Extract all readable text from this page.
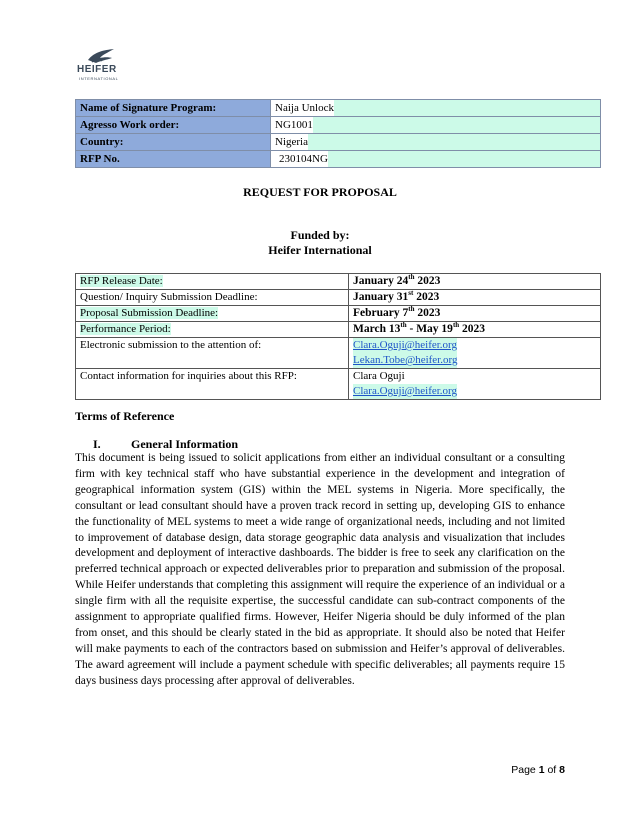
HEIFER
INTERNATIONAL
Name of Signature Program:	Naija Unlock

Agresso Work order:	NG1001

Country:	Nigeria

RFP No.	230104NG
REQUEST FOR PROPOSAL
Funded by:
Heifer International
RFP Release Date:	January 24th 2023
Question/ Inquiry Submission Deadline:	January 31st 2023
Proposal Submission Deadline:	February 7th 2023
Performance Period:	March 13th - May 19th 2023
Electronic submission to the attention of:	Clara.Oguji@heifer.org
Lekan.Tobe@heifer.org
Contact information for inquiries about this RFP:	Clara Oguji
Clara.Oguji@heifer.org
Terms of Reference
I.	General Information
This document is being issued to solicit applications from either an individual consultant or a consulting firm with key technical staff who have substantial experience in the development and integration of geographical information system (GIS) within the MEL systems in Nigeria. More specifically, the consultant or lead consultant should have a proven track record in setting up, developing GIS to enhance the functionality of MEL systems to meet a wide range of organizational needs, including and not limited to improvement of database design, data storage geographic data analysis and visualization that includes development and deployment of interactive dashboards. The bidder is free to seek any clarification on the preferred technical approach or expected deliverables prior to preparation and submission of the proposal. While Heifer understands that completing this assignment will require the experience of an individual or a single firm with all the requisite expertise, the successful candidate can sub-contract components of the assignment to appropriate qualified firms. However, Heifer Nigeria should be duly informed of the plan from onset, and this should be clearly stated in the bid as appropriate. It should also be noted that Heifer will make payments to each of the contractors based on submission and Heifer’s approval of deliverables. The award agreement will include a payment schedule with specific deliverables; all payments require 15 days business days processing after approval of deliverables.
Page 1 of 8
